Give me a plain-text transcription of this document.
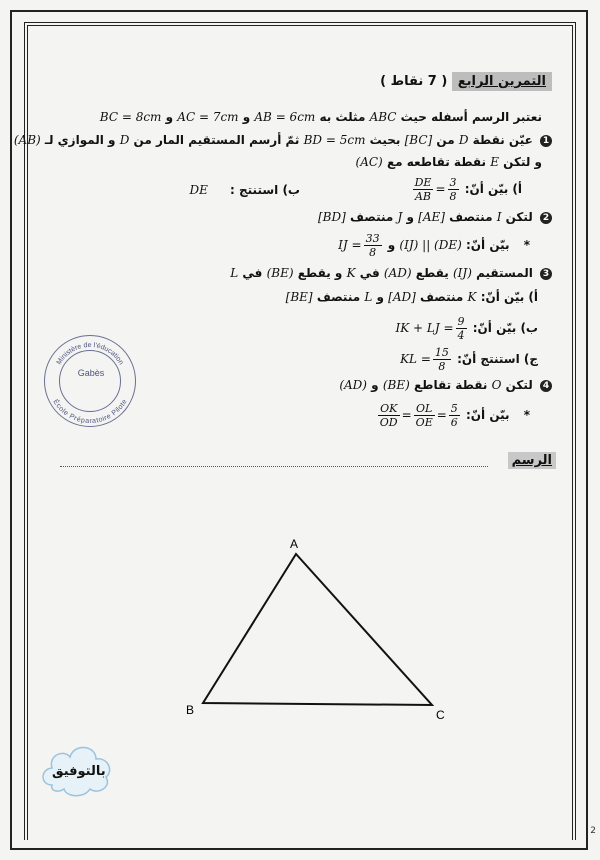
التمرين الرابع ( 7 نقاط )
نعتبر الرسم أسفله حيث ABC مثلث به AB = 6cm و AC = 7cm و BC = 8cm
1 عيّن نقطة D من [BC] بحيث BD = 5cm ثمّ أرسم المستقيم المار من D و الموازي لـ (AB)
و لتكن E نقطة تقاطعه مع (AC)
أ) بيّن أنّ:
$\frac{DE}{AB} = \frac{3}{8}$
ب) استنتج : DE
2 لتكن I منتصف [AE] و J منتصف [BD]
* بيّن أنّ: (IJ) || (DE) و IJ = $\frac{33}{8}$
3 المستقيم (IJ) يقطع (AD) في K و يقطع (BE) في L
أ) بيّن أنّ: K منتصف [AD] و L منتصف [BE]
ب) بيّن أنّ: IK + LJ = $\frac{9}{4}$
ج) استنتج أنّ: KL = $\frac{15}{8}$
4 لتكن O نقطة تقاطع (BE) و (AD)
* بيّن أنّ:
$\frac{OK}{OD} = \frac{OL}{OE} = \frac{5}{6}$
Ministère de l'éducation
École Préparatoire Pilote
Gabès
الرسم
A
B	C
بالتوفيق
2
